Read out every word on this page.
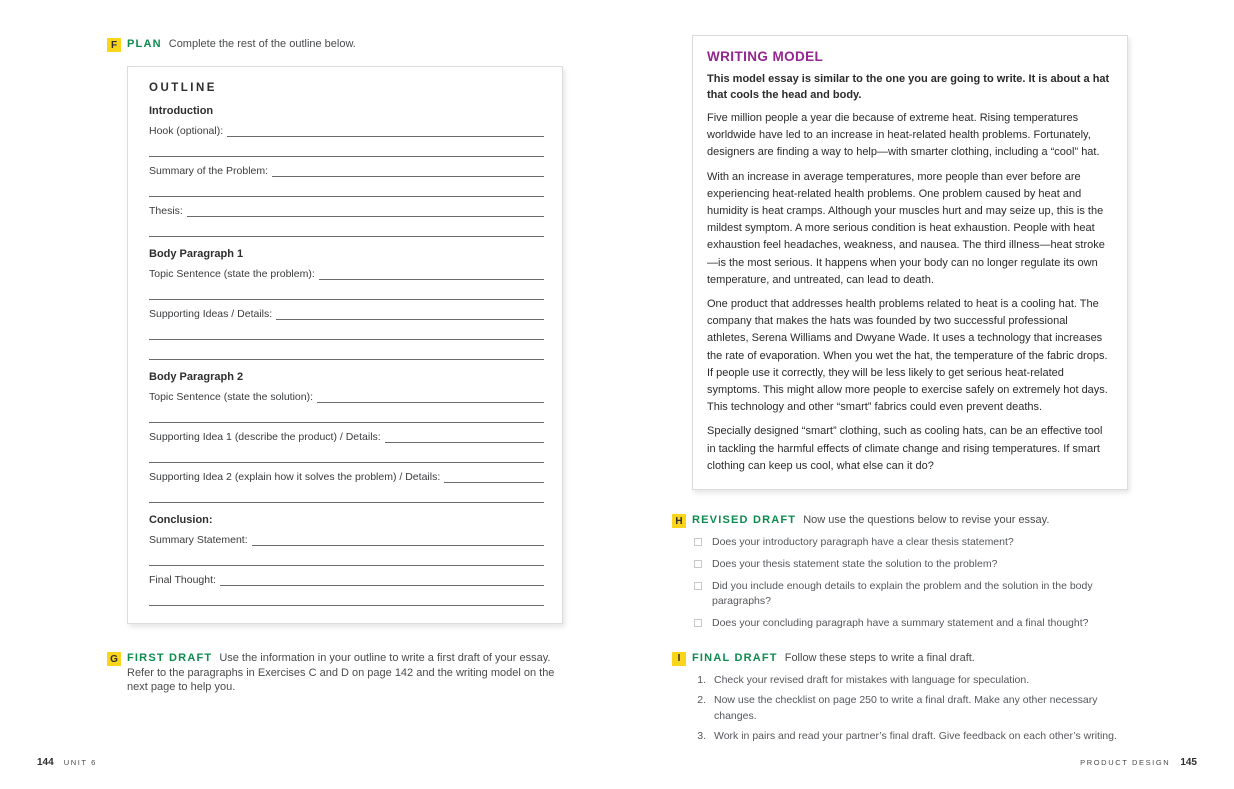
F PLAN Complete the rest of the outline below.
OUTLINE
Introduction
Hook (optional):
Summary of the Problem:
Thesis:
Body Paragraph 1
Topic Sentence (state the problem):
Supporting Ideas / Details:
Body Paragraph 2
Topic Sentence (state the solution):
Supporting Idea 1 (describe the product) / Details:
Supporting Idea 2 (explain how it solves the problem) / Details:
Conclusion:
Summary Statement:
Final Thought:
G FIRST DRAFT Use the information in your outline to write a first draft of your essay. Refer to the paragraphs in Exercises C and D on page 142 and the writing model on the next page to help you.
WRITING MODEL
This model essay is similar to the one you are going to write. It is about a hat that cools the head and body.

Five million people a year die because of extreme heat. Rising temperatures worldwide have led to an increase in heat-related health problems. Fortunately, designers are finding a way to help—with smarter clothing, including a “cool” hat.

With an increase in average temperatures, more people than ever before are experiencing heat-related health problems. One problem caused by heat and humidity is heat cramps. Although your muscles hurt and may seize up, this is the mildest symptom. A more serious condition is heat exhaustion. People with heat exhaustion feel headaches, weakness, and nausea. The third illness—heat stroke—is the most serious. It happens when your body can no longer regulate its own temperature, and untreated, can lead to death.

One product that addresses health problems related to heat is a cooling hat. The company that makes the hats was founded by two successful professional athletes, Serena Williams and Dwyane Wade. It uses a technology that increases the rate of evaporation. When you wet the hat, the temperature of the fabric drops. If people use it correctly, they will be less likely to get serious heat-related symptoms. This might allow more people to exercise safely on extremely hot days. This technology and other “smart” fabrics could even prevent deaths.

Specially designed “smart” clothing, such as cooling hats, can be an effective tool in tackling the harmful effects of climate change and rising temperatures. If smart clothing can keep us cool, what else can it do?

H REVISED DRAFT Now use the questions below to revise your essay.
Does your introductory paragraph have a clear thesis statement?
Does your thesis statement state the solution to the problem?
Did you include enough details to explain the problem and the solution in the body paragraphs?
Does your concluding paragraph have a summary statement and a final thought?
I	FINAL DRAFT Follow these steps to write a final draft.
1. Check your revised draft for mistakes with language for speculation.
2. Now use the checklist on page 250 to write a final draft. Make any other necessary changes.
3. Work in pairs and read your partner’s final draft. Give feedback on each other’s writing.
144 UNIT 6	PRODUCT DESIGN 145
